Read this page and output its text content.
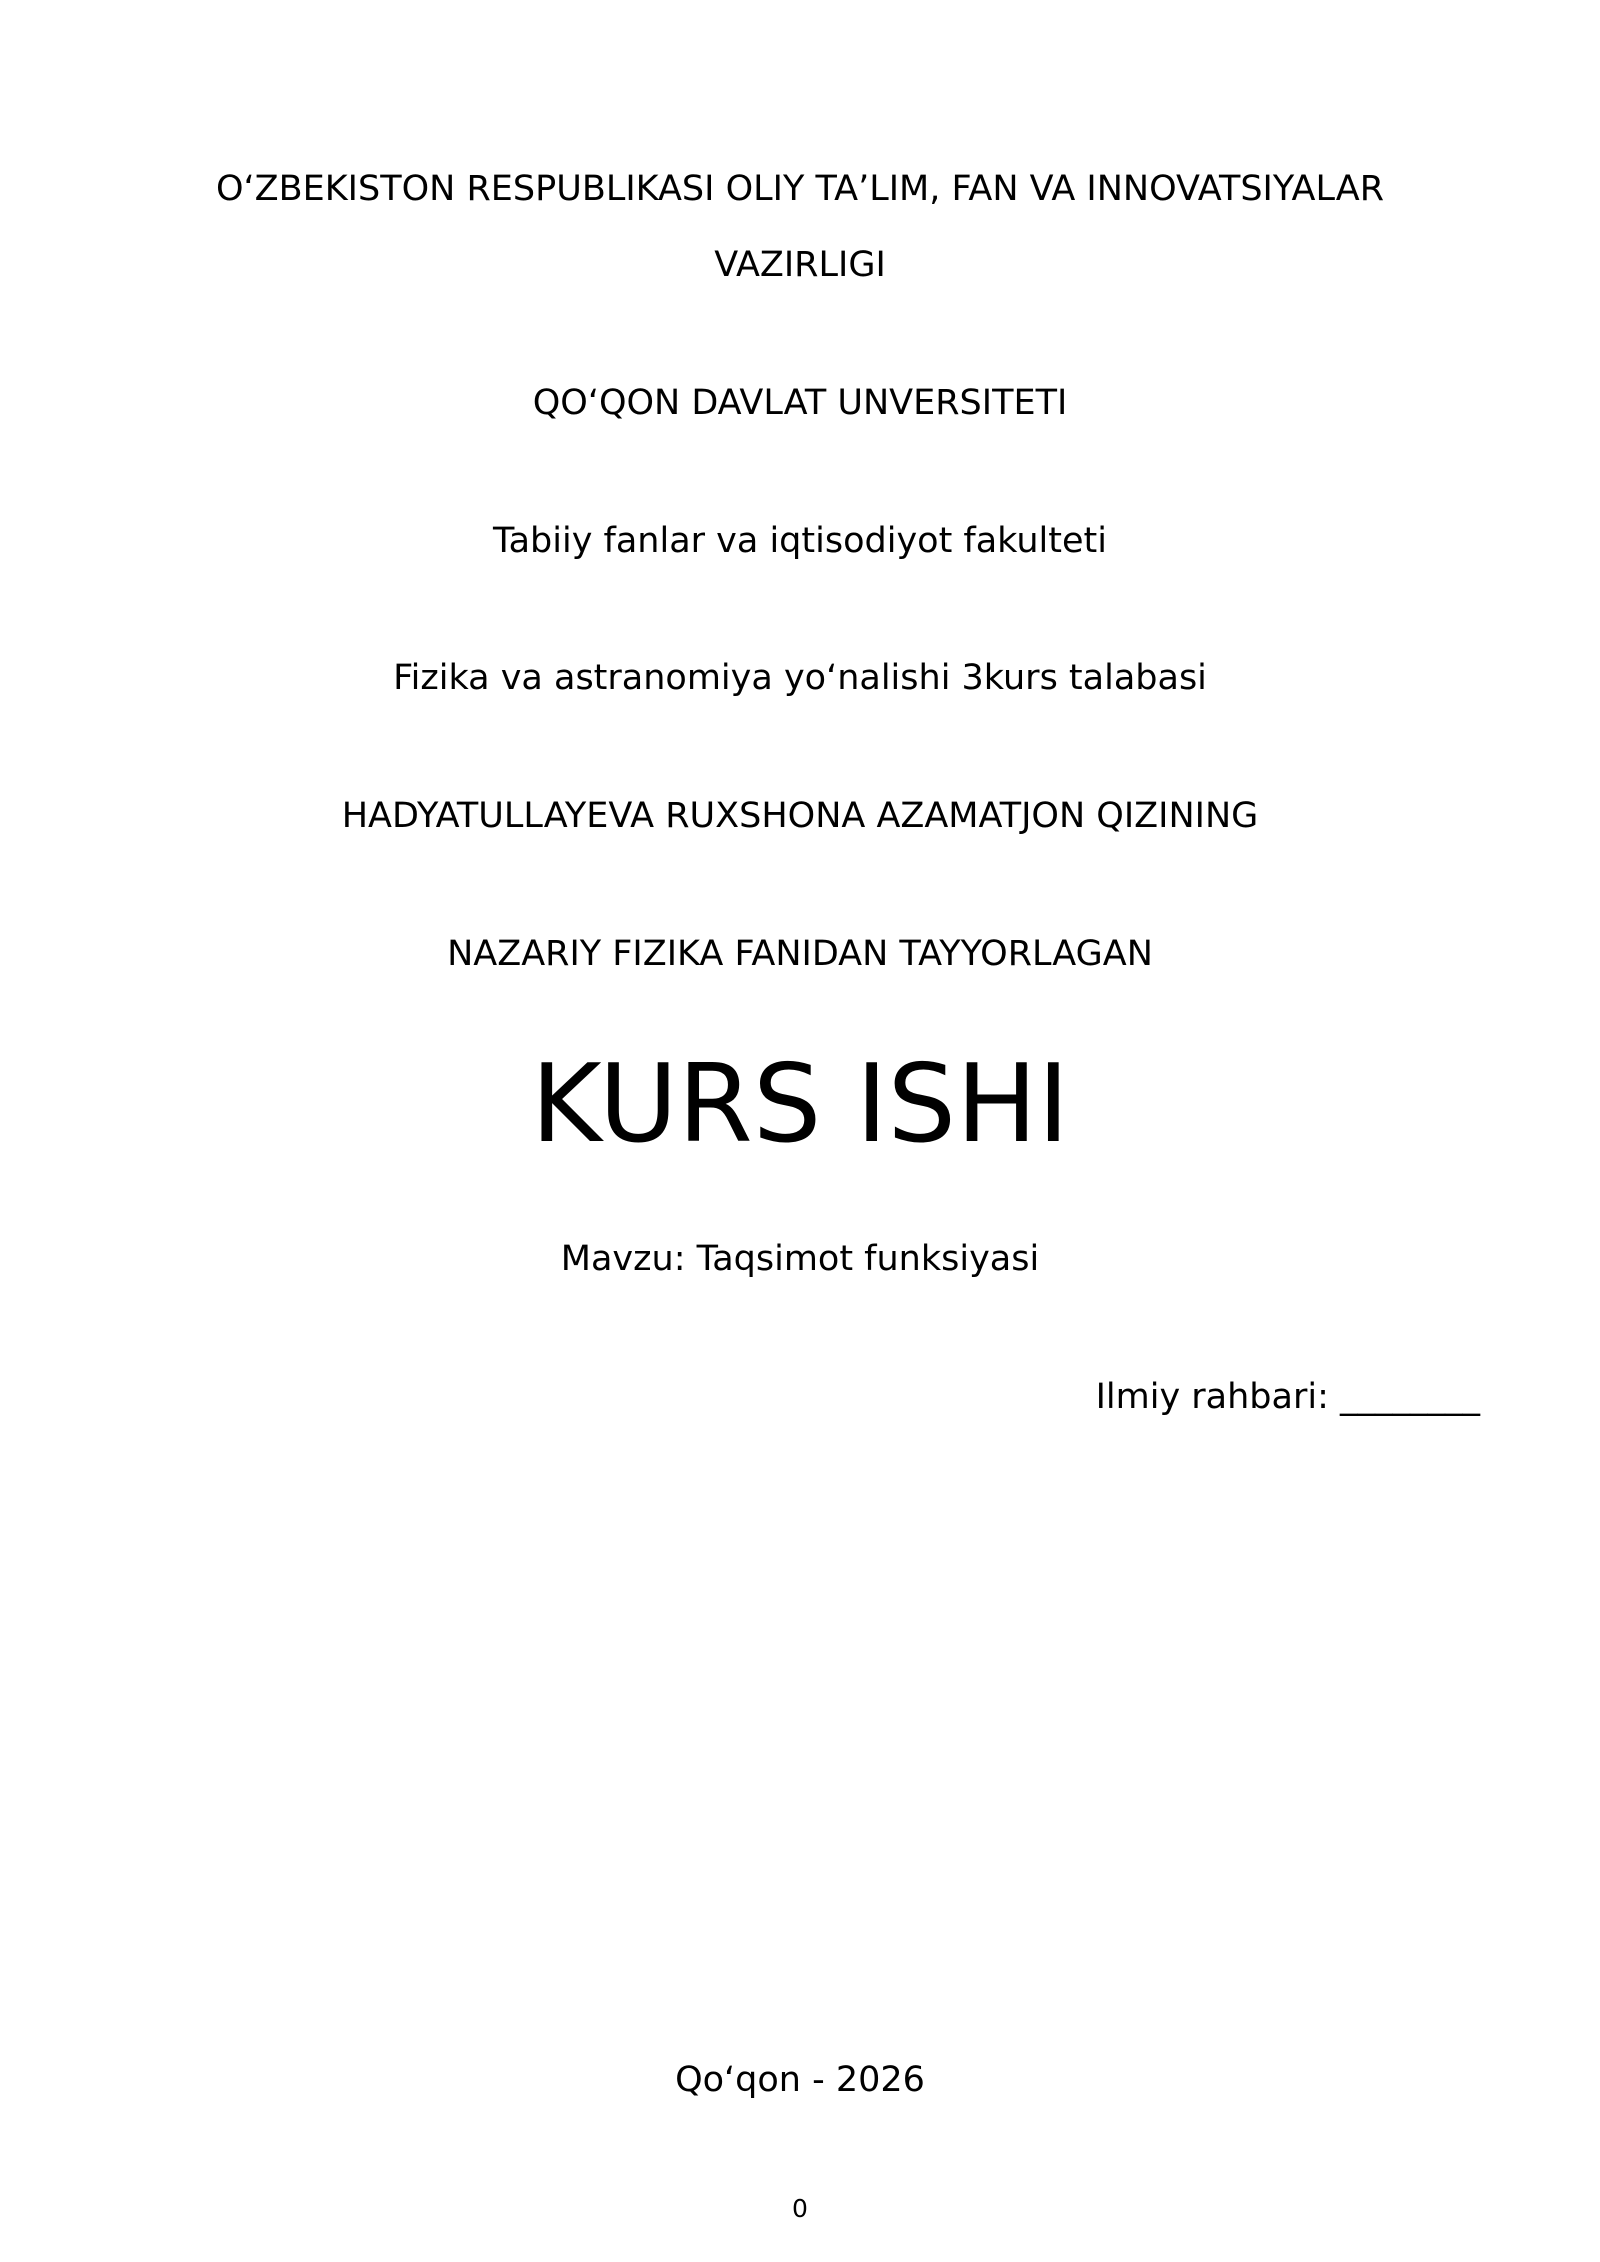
O‘ZBEKISTON RESPUBLIKASI OLIY TA’LIM, FAN VA INNOVATSIYALAR
VAZIRLIGI
QO‘QON DAVLAT UNVERSITETI
Tabiiy fanlar va iqtisodiyot fakulteti
Fizika va astranomiya yo‘nalishi 3kurs talabasi
HADYATULLAYEVA RUXSHONA AZAMATJON QIZINING
NAZARIY FIZIKA FANIDAN TAYYORLAGAN
KURS ISHI
Mavzu: Taqsimot funksiyasi
Ilmiy rahbari: ________
Qo‘qon - 2026
0
